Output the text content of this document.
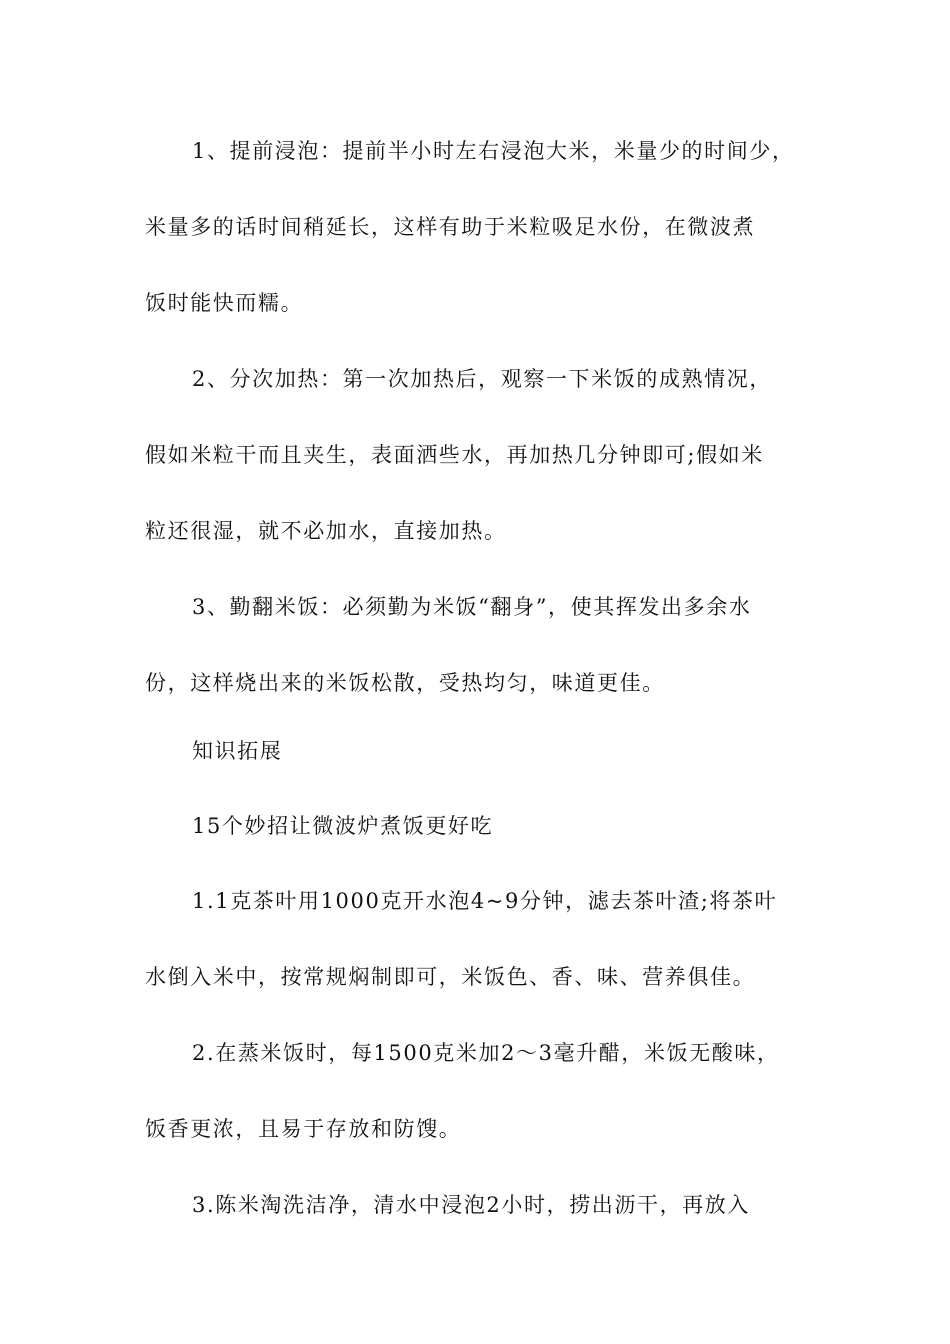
1、提前浸泡：提前半小时左右浸泡大米，米量少的时间少，
米量多的话时间稍延长，这样有助于米粒吸足水份，在微波煮
饭时能快而糯。
2、分次加热：第一次加热后，观察一下米饭的成熟情况，
假如米粒干而且夹生，表面洒些水，再加热几分钟即可;假如米
粒还很湿，就不必加水，直接加热。
3、勤翻米饭：必须勤为米饭“翻身”，使其挥发出多余水
份，这样烧出来的米饭松散，受热均匀，味道更佳。
知识拓展
15个妙招让微波炉煮饭更好吃
1.1克茶叶用1000克开水泡4~9分钟，滤去茶叶渣;将茶叶
水倒入米中，按常规焖制即可，米饭色、香、味、营养俱佳。
2.在蒸米饭时，每1500克米加2～3毫升醋，米饭无酸味，
饭香更浓，且易于存放和防馊。
3.陈米淘洗洁净，清水中浸泡2小时，捞出沥干，再放入
